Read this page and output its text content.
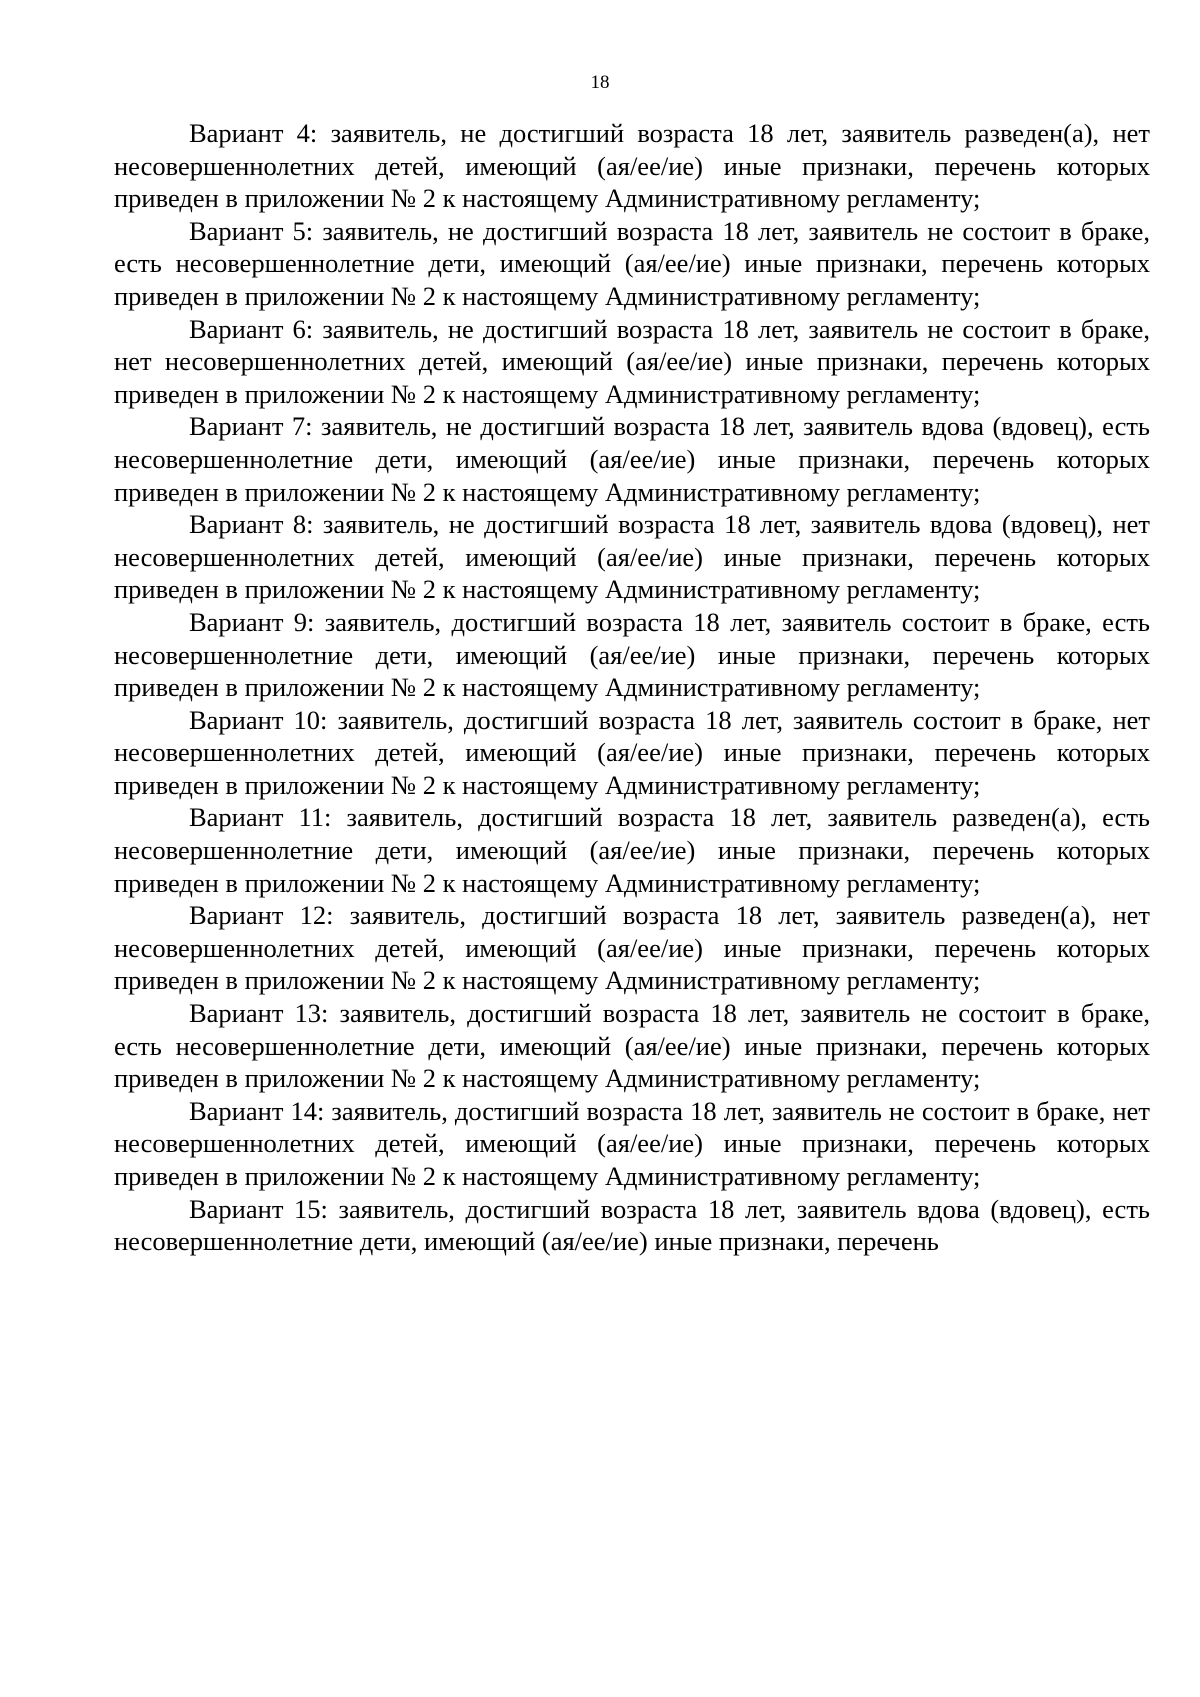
18

Вариант 4: заявитель, не достигший возраста 18 лет, заявитель разведен(а), нет несовершеннолетних детей, имеющий (ая/ее/ие) иные признаки, перечень которых приведен в приложении № 2 к настоящему Административному регламенту;

Вариант 5: заявитель, не достигший возраста 18 лет, заявитель не состоит в браке, есть несовершеннолетние дети, имеющий (ая/ее/ие) иные признаки, перечень которых приведен в приложении № 2 к настоящему Административному регламенту;

Вариант 6: заявитель, не достигший возраста 18 лет, заявитель не состоит в браке, нет несовершеннолетних детей, имеющий (ая/ее/ие) иные признаки, перечень которых приведен в приложении № 2 к настоящему Административному регламенту;

Вариант 7: заявитель, не достигший возраста 18 лет, заявитель вдова (вдовец), есть несовершеннолетние дети, имеющий (ая/ее/ие) иные признаки, перечень которых приведен в приложении № 2 к настоящему Административному регламенту;

Вариант 8: заявитель, не достигший возраста 18 лет, заявитель вдова (вдовец), нет несовершеннолетних детей, имеющий (ая/ее/ие) иные признаки, перечень которых приведен в приложении № 2 к настоящему Административному регламенту;

Вариант 9: заявитель, достигший возраста 18 лет, заявитель состоит в браке, есть несовершеннолетние дети, имеющий (ая/ее/ие) иные признаки, перечень которых приведен в приложении № 2 к настоящему Административному регламенту;

Вариант 10: заявитель, достигший возраста 18 лет, заявитель состоит в браке, нет несовершеннолетних детей, имеющий (ая/ее/ие) иные признаки, перечень которых приведен в приложении № 2 к настоящему Административному регламенту;

Вариант 11: заявитель, достигший возраста 18 лет, заявитель разведен(а), есть несовершеннолетние дети, имеющий (ая/ее/ие) иные признаки, перечень которых приведен в приложении № 2 к настоящему Административному регламенту;

Вариант 12: заявитель, достигший возраста 18 лет, заявитель разведен(а), нет несовершеннолетних детей, имеющий (ая/ее/ие) иные признаки, перечень которых приведен в приложении № 2 к настоящему Административному регламенту;

Вариант 13: заявитель, достигший возраста 18 лет, заявитель не состоит в браке, есть несовершеннолетние дети, имеющий (ая/ее/ие) иные признаки, перечень которых приведен в приложении № 2 к настоящему Административному регламенту;

Вариант 14: заявитель, достигший возраста 18 лет, заявитель не состоит в браке, нет несовершеннолетних детей, имеющий (ая/ее/ие) иные признаки, перечень которых приведен в приложении № 2 к настоящему Административному регламенту;

Вариант 15: заявитель, достигший возраста 18 лет, заявитель вдова (вдовец), есть несовершеннолетние дети, имеющий (ая/ее/ие) иные признаки, перечень
